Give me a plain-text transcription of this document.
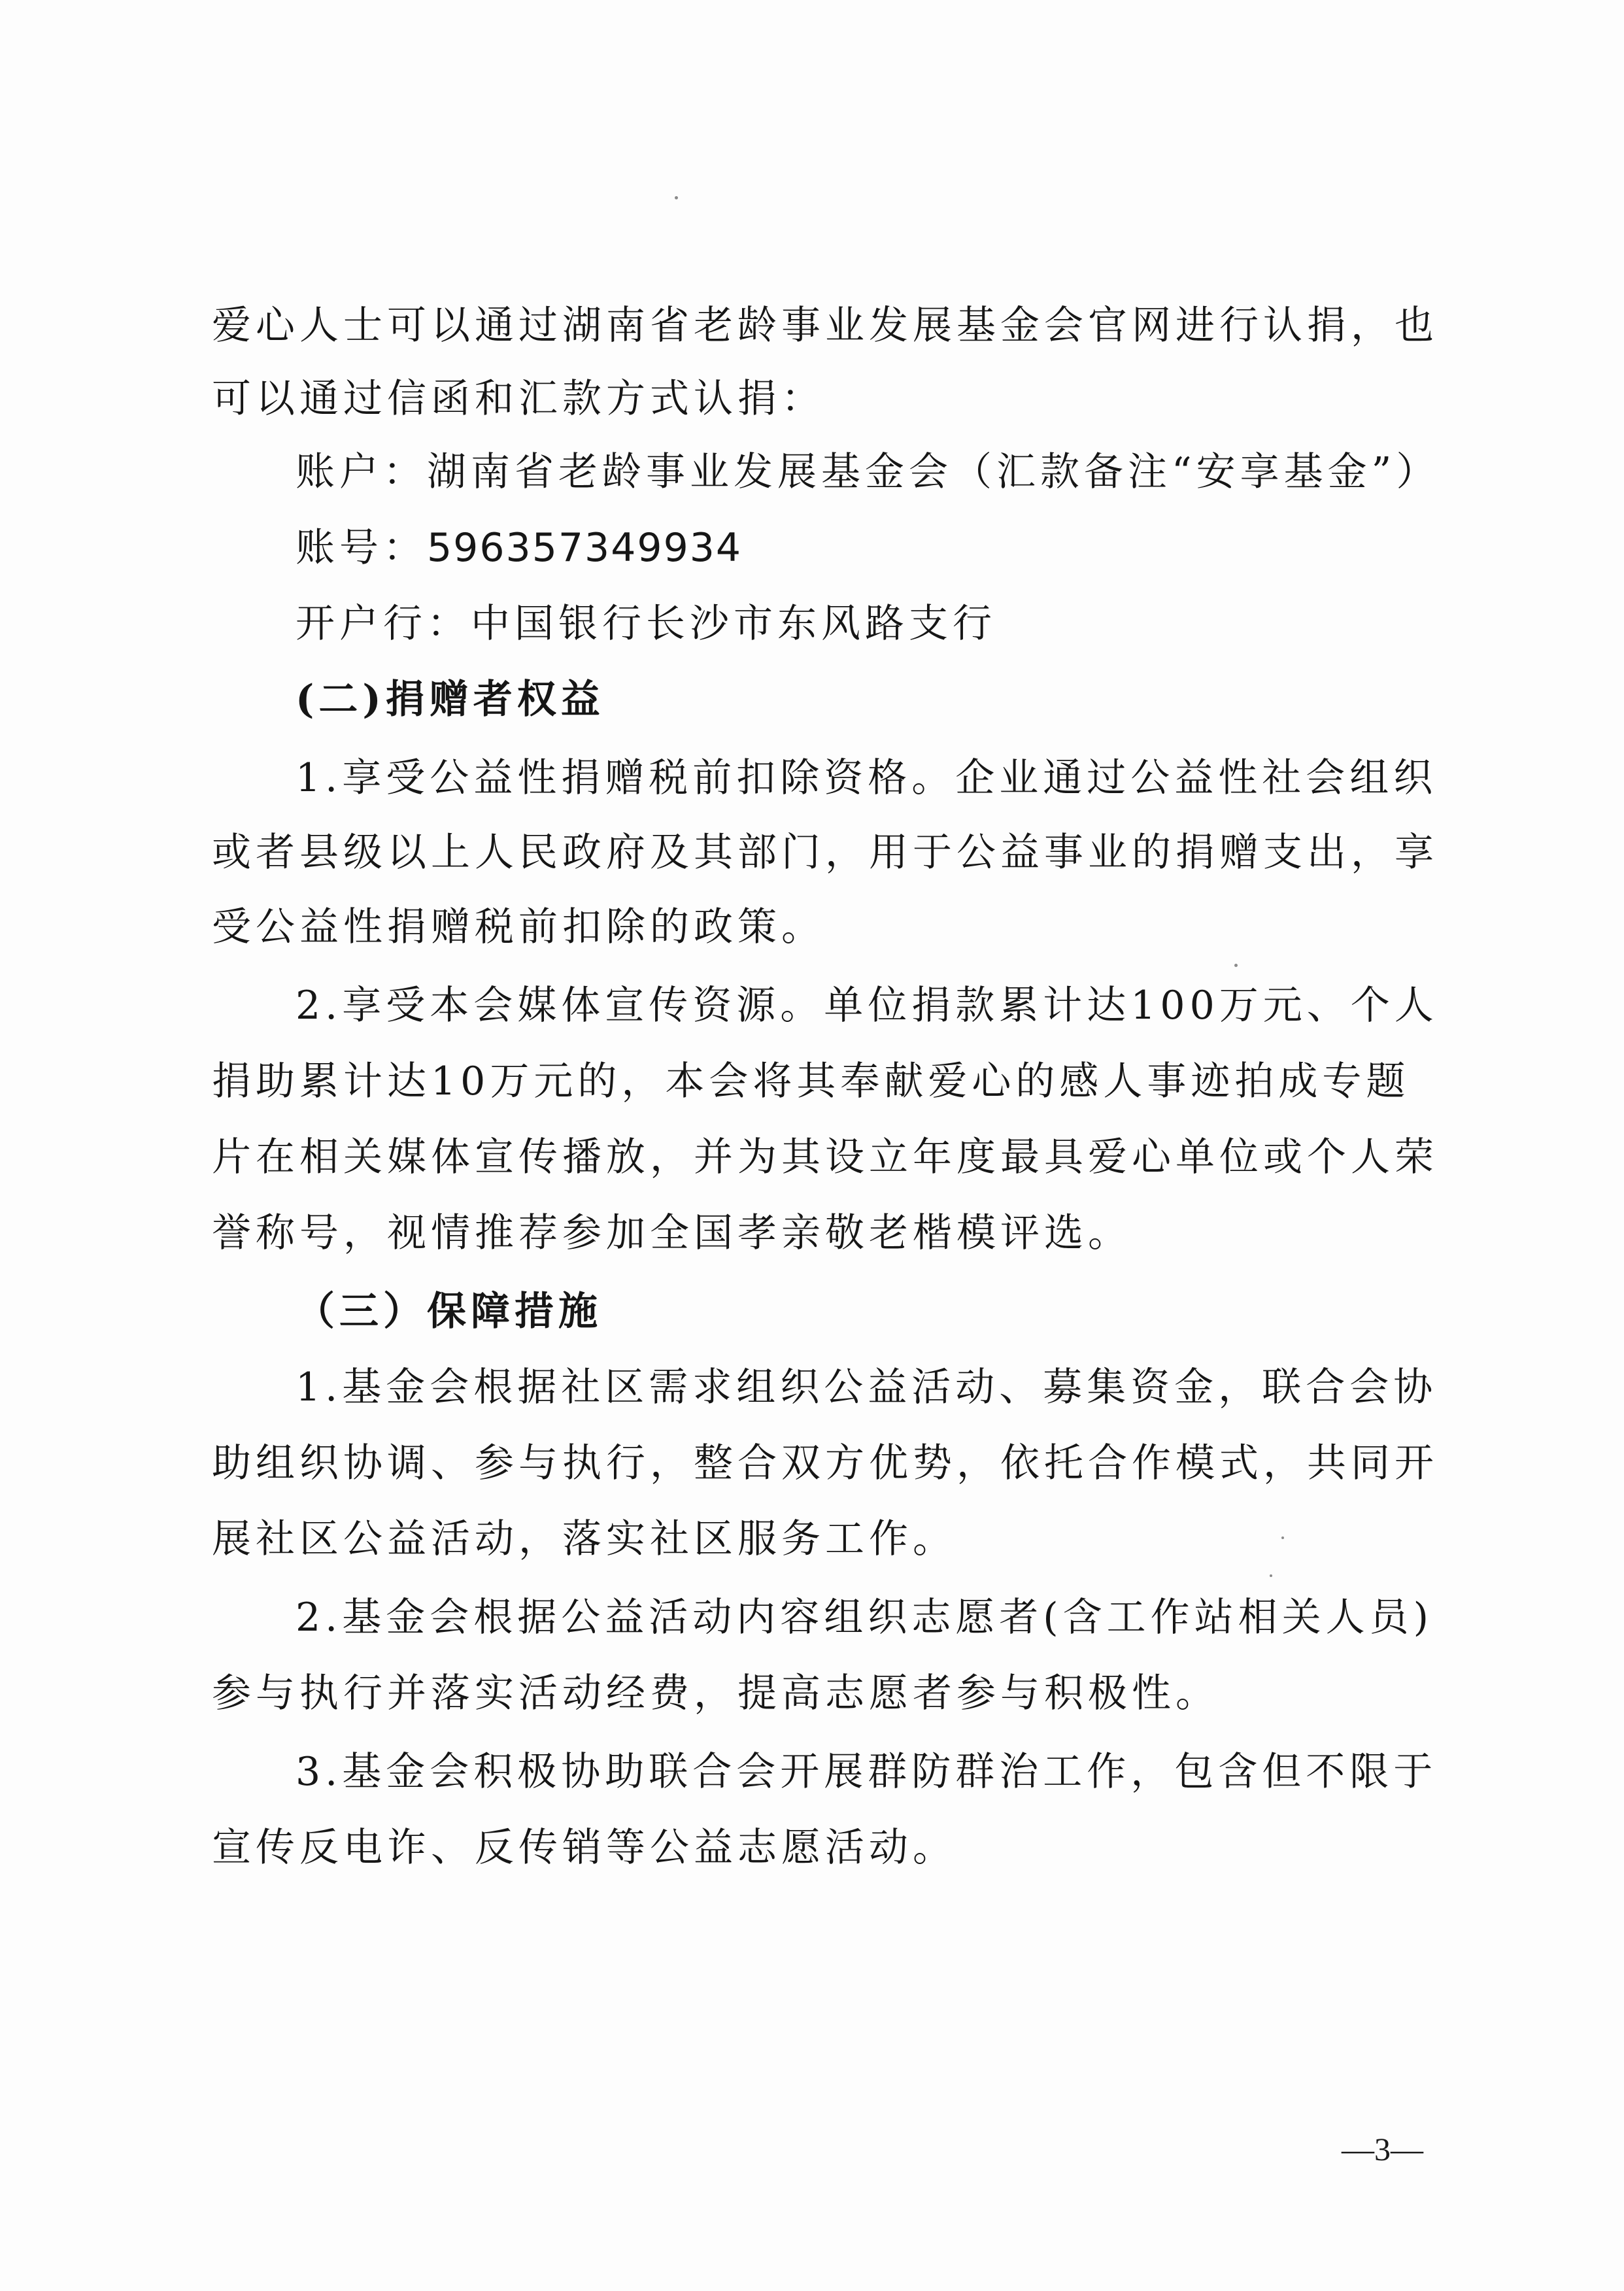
爱心人士可以通过湖南省老龄事业发展基金会官网进行认捐，也
可以通过信函和汇款方式认捐：
账户：湖南省老龄事业发展基金会（汇款备注“安享基金”）
账号：596357349934
开户行：中国银行长沙市东风路支行
(二)捐赠者权益
1.享受公益性捐赠税前扣除资格。企业通过公益性社会组织
或者县级以上人民政府及其部门，用于公益事业的捐赠支出，享
受公益性捐赠税前扣除的政策。
2.享受本会媒体宣传资源。单位捐款累计达100万元、个人
捐助累计达10万元的，本会将其奉献爱心的感人事迹拍成专题
片在相关媒体宣传播放，并为其设立年度最具爱心单位或个人荣
誉称号，视情推荐参加全国孝亲敬老楷模评选。
（三）保障措施
1.基金会根据社区需求组织公益活动、募集资金，联合会协
助组织协调、参与执行，整合双方优势，依托合作模式，共同开
展社区公益活动，落实社区服务工作。
2.基金会根据公益活动内容组织志愿者(含工作站相关人员)
参与执行并落实活动经费，提高志愿者参与积极性。
3.基金会积极协助联合会开展群防群治工作，包含但不限于
宣传反电诈、反传销等公益志愿活动。
—3—
